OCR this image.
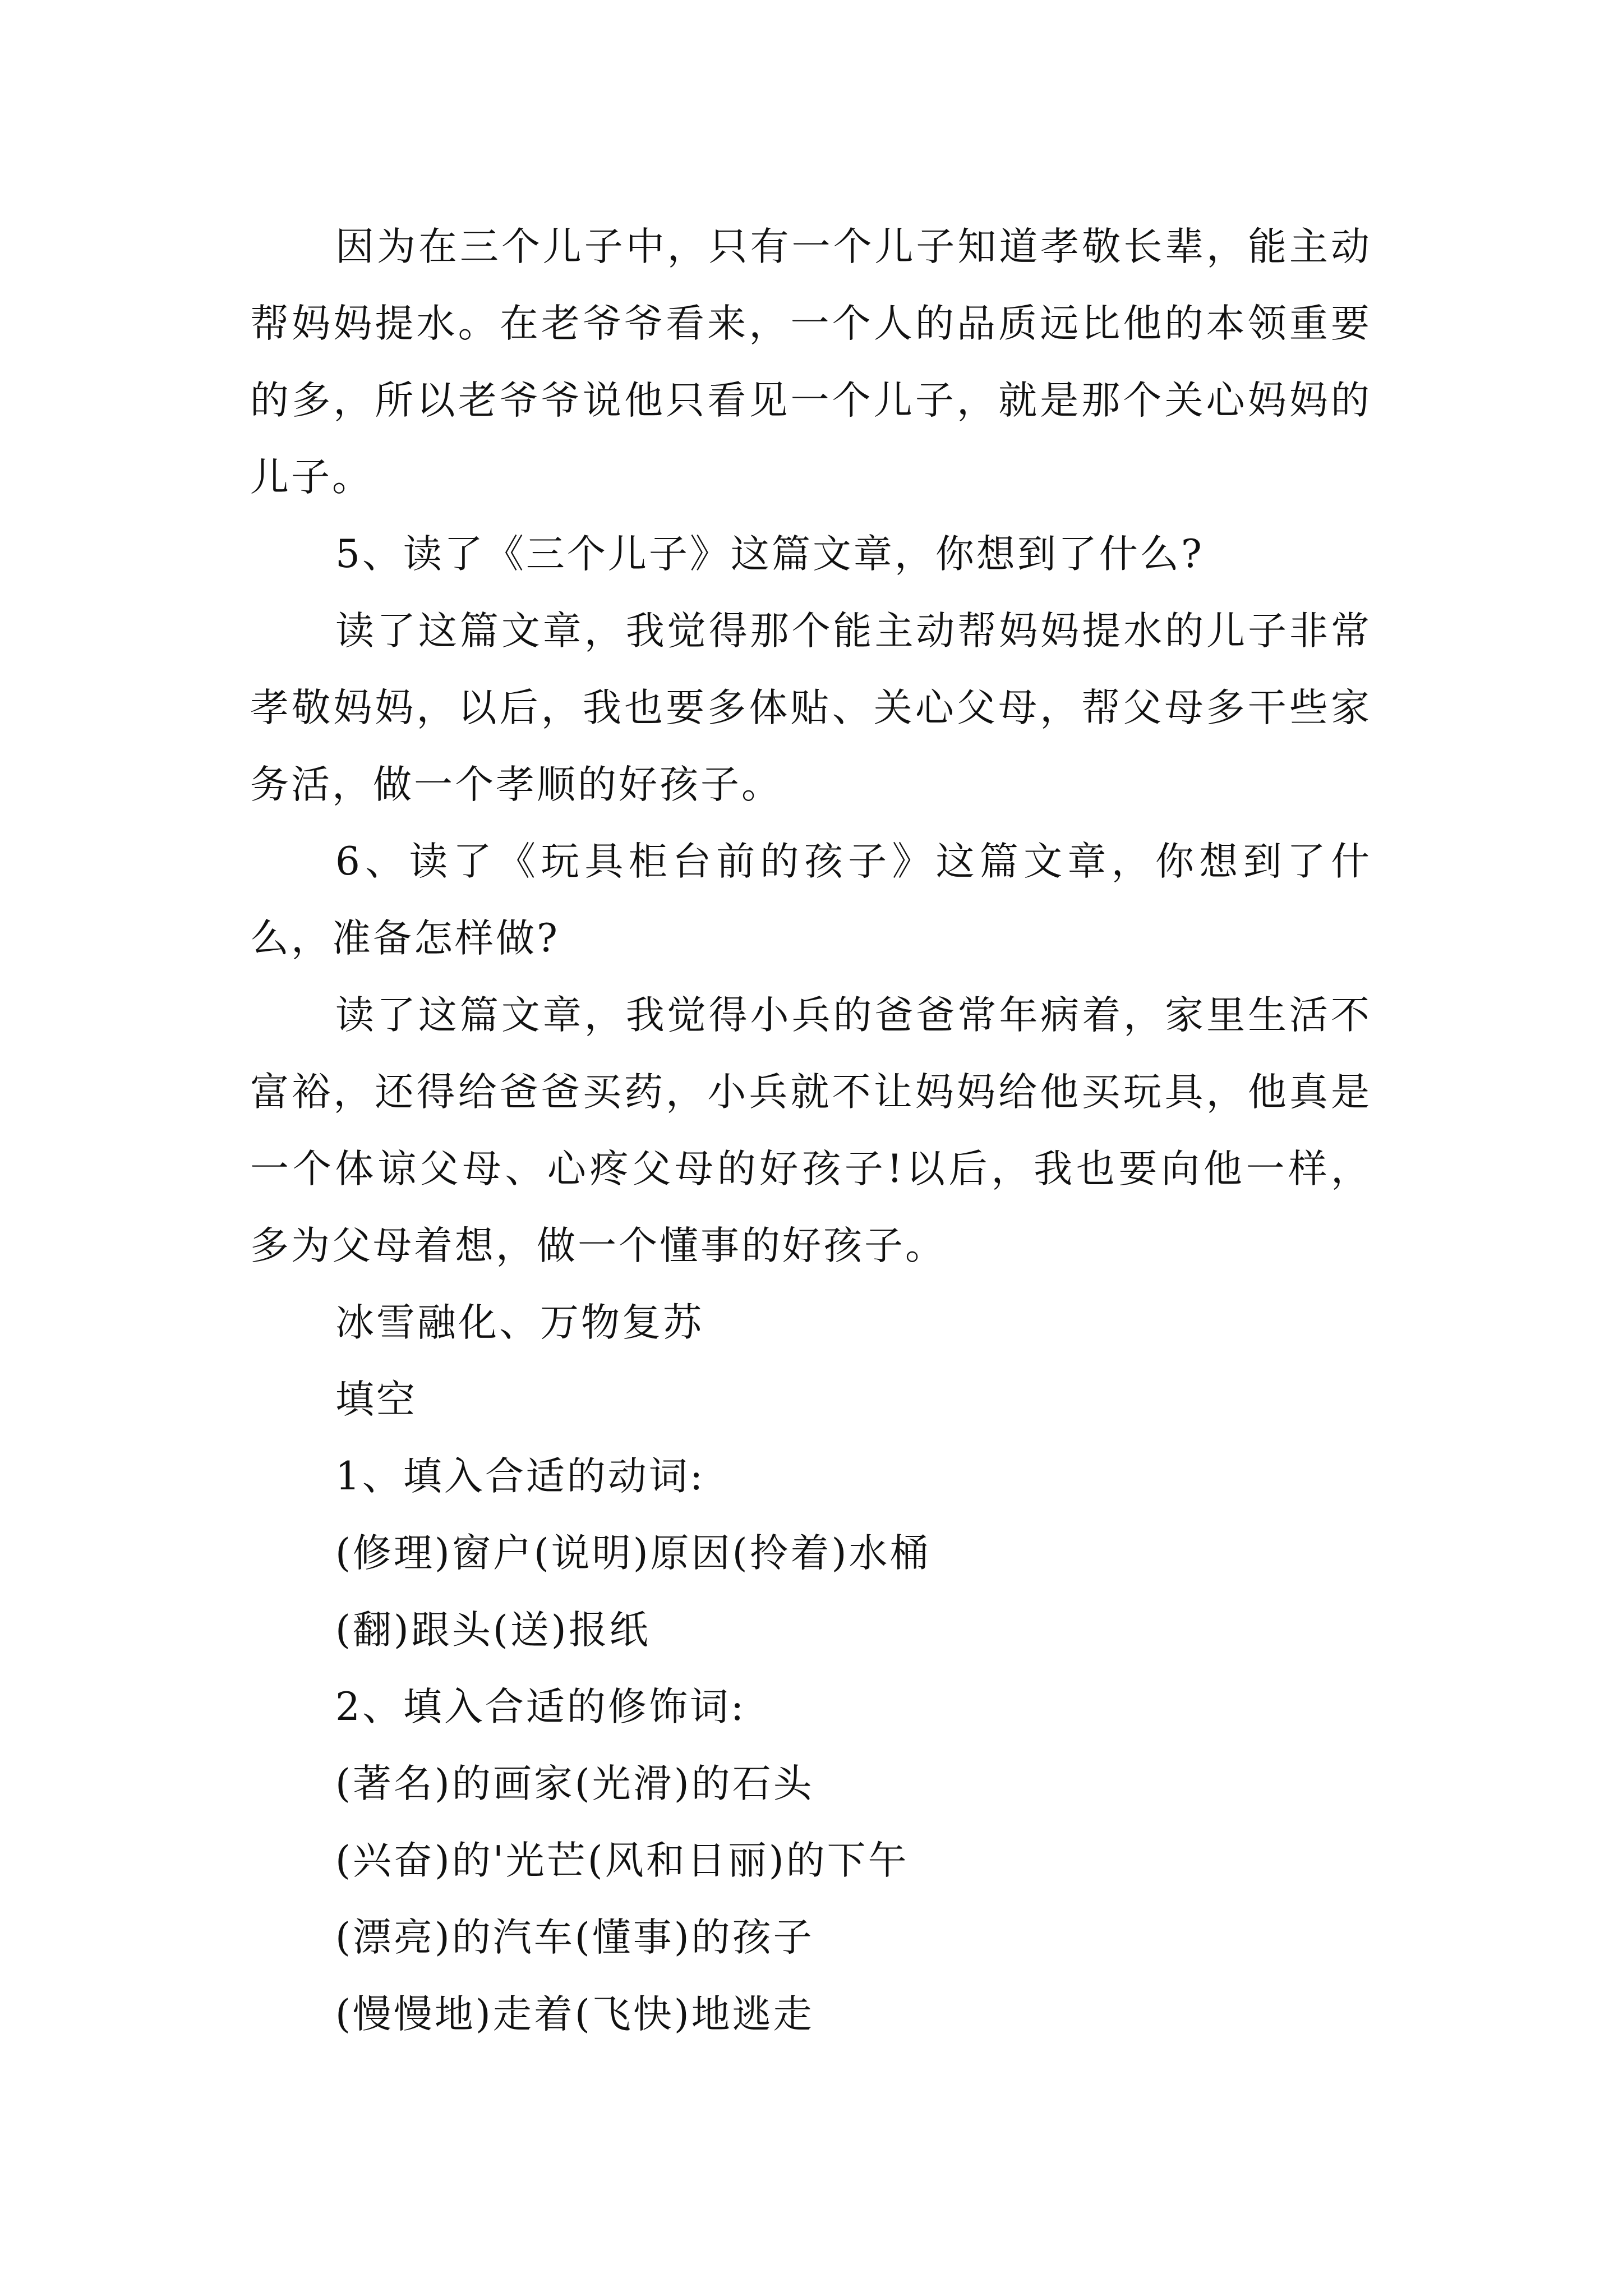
因为在三个儿子中，只有一个儿子知道孝敬长辈，能主动帮妈妈提水。在老爷爷看来，一个人的品质远比他的本领重要的多，所以老爷爷说他只看见一个儿子，就是那个关心妈妈的儿子。

5、读了《三个儿子》这篇文章，你想到了什么?

读了这篇文章，我觉得那个能主动帮妈妈提水的儿子非常孝敬妈妈，以后，我也要多体贴、关心父母，帮父母多干些家务活，做一个孝顺的好孩子。

6、读了《玩具柜台前的孩子》这篇文章，你想到了什么，准备怎样做?

读了这篇文章，我觉得小兵的爸爸常年病着，家里生活不富裕，还得给爸爸买药，小兵就不让妈妈给他买玩具，他真是一个体谅父母、心疼父母的好孩子!以后，我也要向他一样，多为父母着想，做一个懂事的好孩子。

冰雪融化、万物复苏

填空

1、填入合适的动词:

(修理)窗户(说明)原因(拎着)水桶

(翻)跟头(送)报纸

2、填入合适的修饰词:

(著名)的画家(光滑)的石头

(兴奋)的'光芒(风和日丽)的下午

(漂亮)的汽车(懂事)的孩子

(慢慢地)走着(飞快)地逃走
